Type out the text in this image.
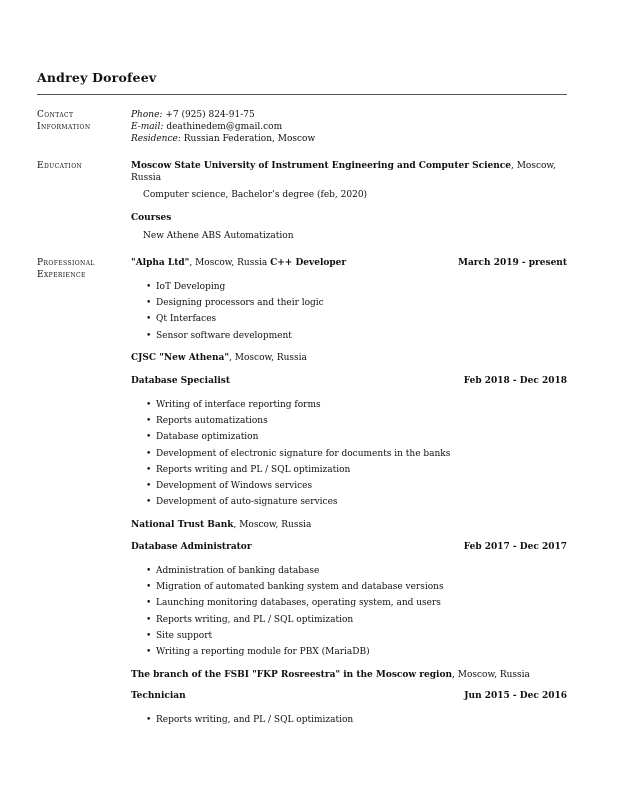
Andrey Dorofeev
Contact
Information
Phone: +7 (925) 824-91-75
E-mail: deathinedem@gmail.com
Residence: Russian Federation, Moscow
Education	Moscow State University of Instrument Engineering and Computer Science, Moscow,
Russia
Computer science, Bachelor’s degree (feb, 2020)
Courses
New Athene ABS Automatization
Professional
Experience
"Alpha Ltd", Moscow, Russia C++ Developer	March 2019 - present
• IoT Developing
• Designing processors and their logic
• Qt Interfaces
• Sensor software development
CJSC "New Athena", Moscow, Russia
Database Specialist	Feb 2018 - Dec 2018
• Writing of interface reporting forms
• Reports automatizations
• Database optimization
• Development of electronic signature for documents in the banks
• Reports writing and PL / SQL optimization
• Development of Windows services
• Development of auto-signature services
National Trust Bank, Moscow, Russia
Database Administrator	Feb 2017 - Dec 2017
• Administration of banking database
• Migration of automated banking system and database versions
• Launching monitoring databases, operating system, and users
• Reports writing, and PL / SQL optimization
• Site support
• Writing a reporting module for PBX (MariaDB)
The branch of the FSBI "FKP Rosreestra" in the Moscow region, Moscow, Russia
Technician	Jun 2015 - Dec 2016
• Reports writing, and PL / SQL optimization
